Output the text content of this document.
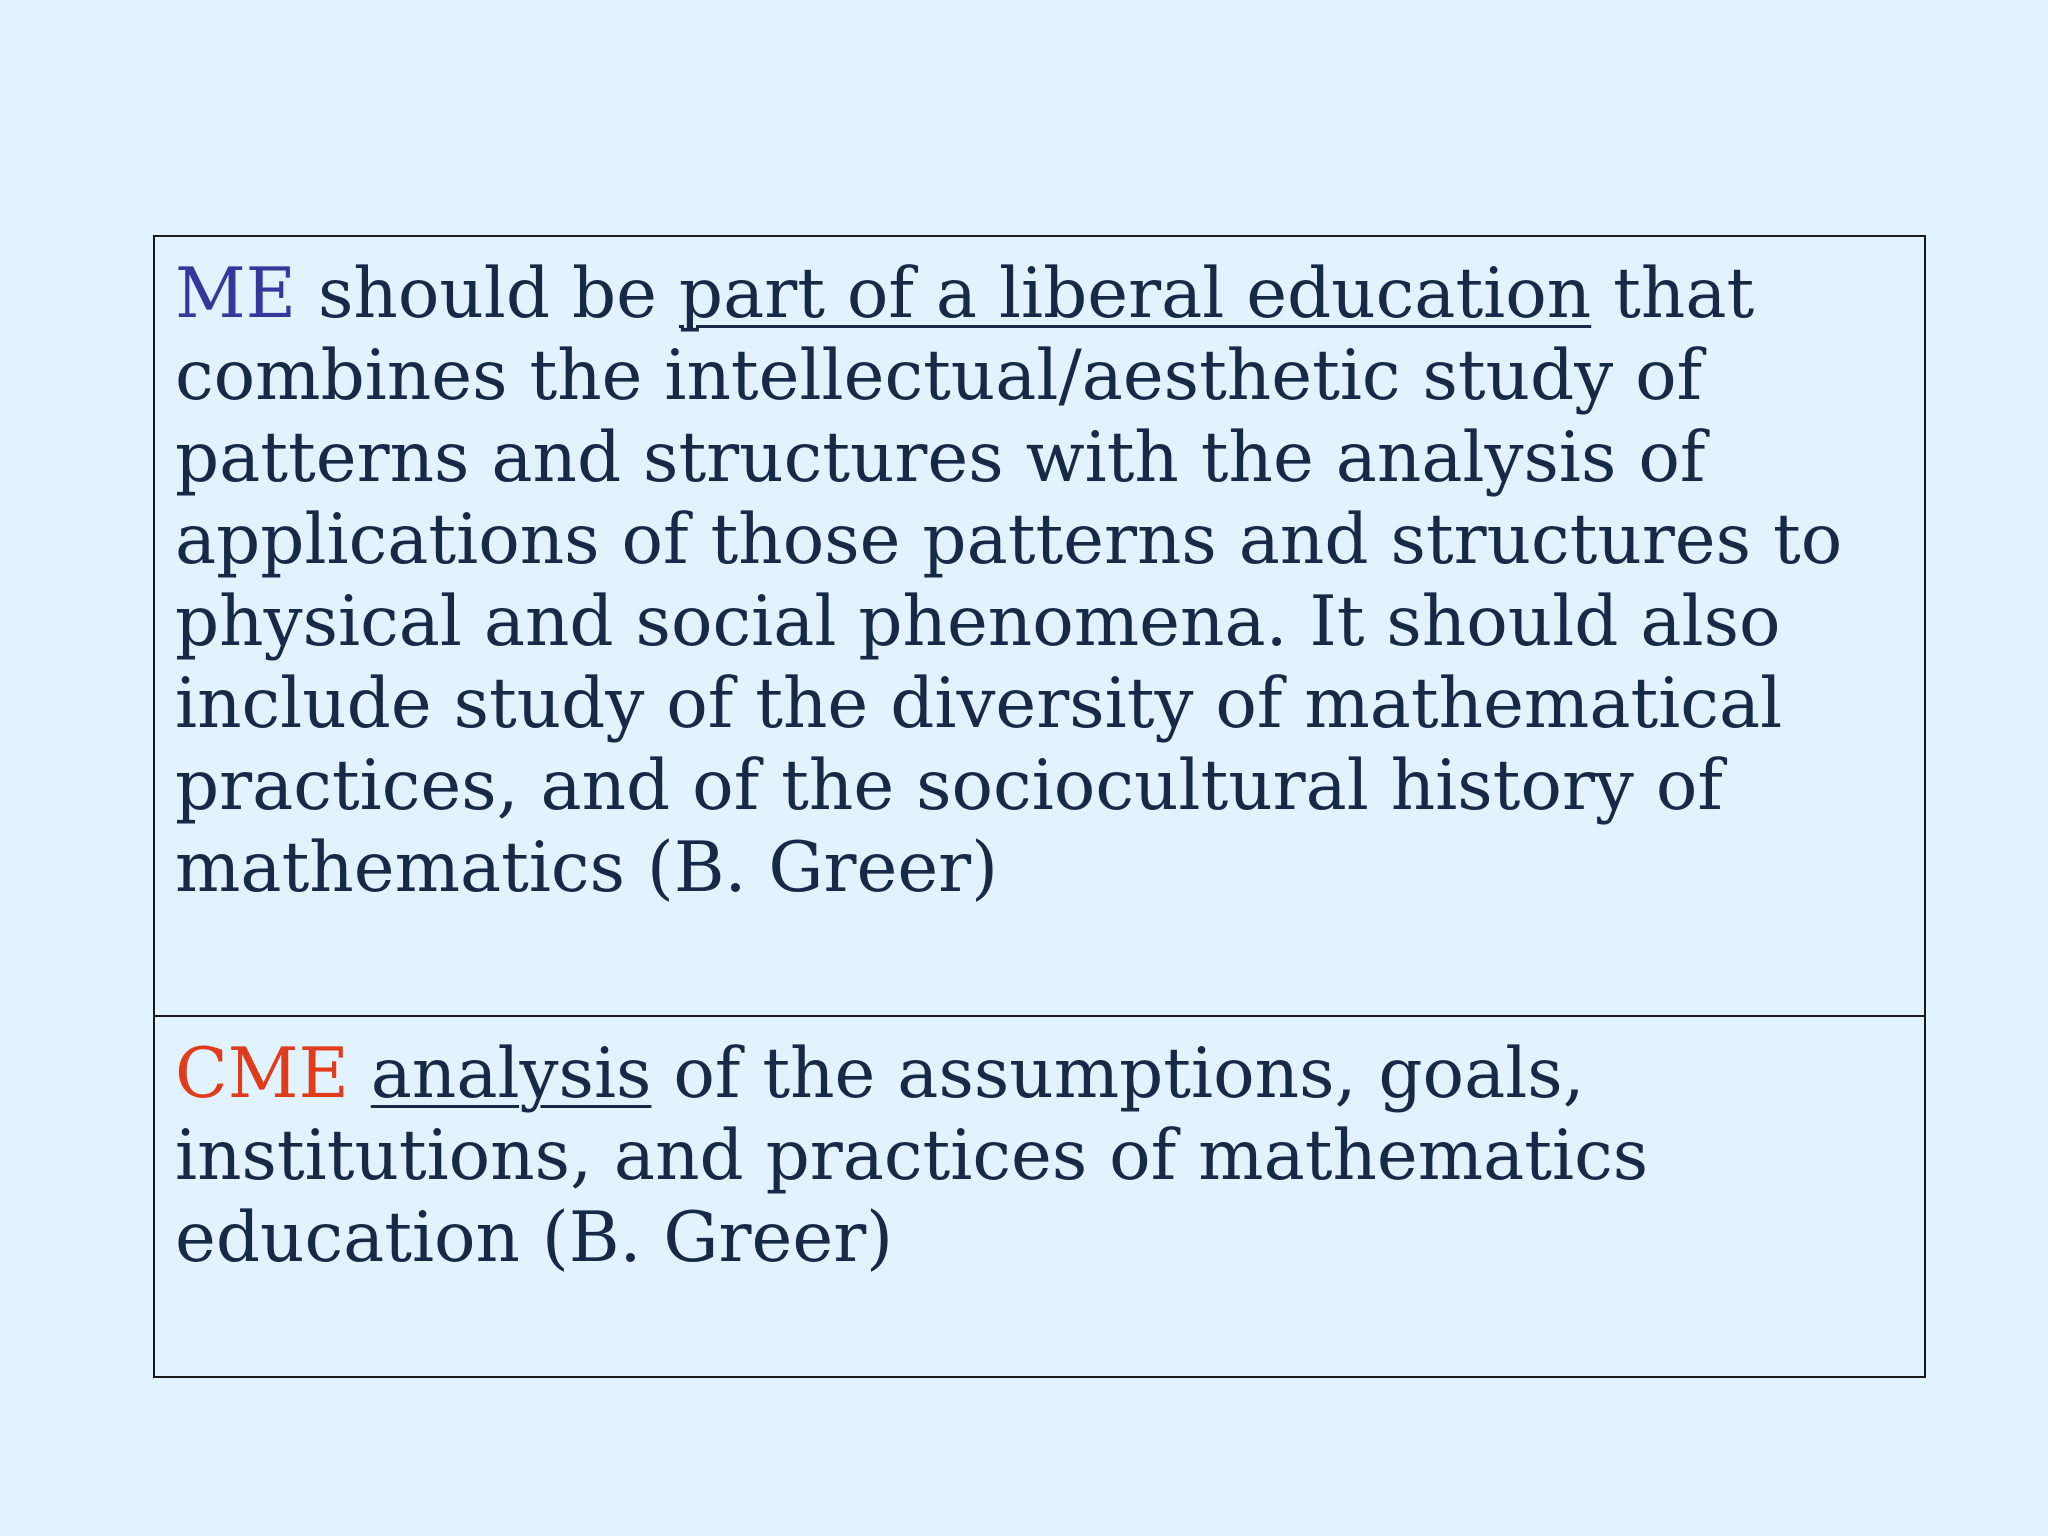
ME should be part of a liberal education that
combines the intellectual/aesthetic study of
patterns and structures with the analysis of
applications of those patterns and structures to
physical and social phenomena. It should also
include study of the diversity of mathematical
practices, and of the sociocultural history of
mathematics (B. Greer)
CME analysis of the assumptions, goals,
institutions, and practices of mathematics
education (B. Greer)
